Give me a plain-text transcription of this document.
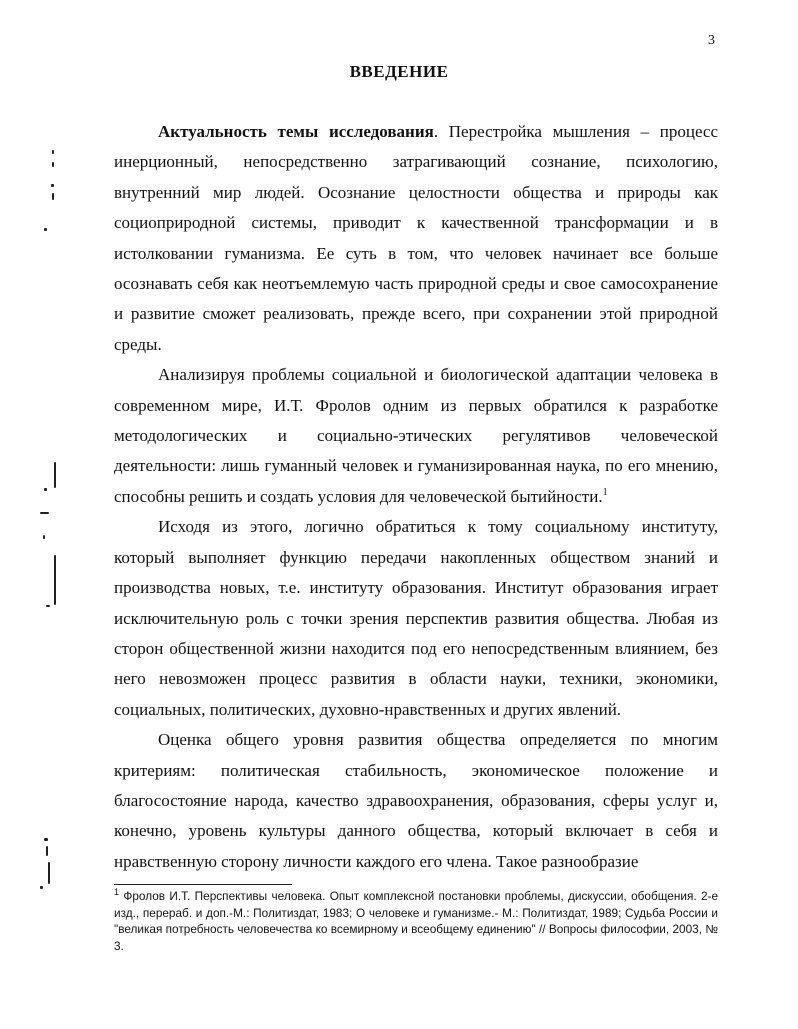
3
ВВЕДЕНИЕ

Актуальность темы исследования. Перестройка мышления – процесс инерционный, непосредственно затрагивающий сознание, психологию, внутренний мир людей. Осознание целостности общества и природы как социоприродной системы, приводит к качественной трансформации и в истолковании гуманизма. Ее суть в том, что человек начинает все больше осознавать себя как неотъемлемую часть природной среды и свое самосохранение и развитие сможет реализовать, прежде всего, при сохранении этой природной среды.

Анализируя проблемы социальной и биологической адаптации человека в современном мире, И.Т. Фролов одним из первых обратился к разработке методологических и социально-этических регулятивов человеческой деятельности: лишь гуманный человек и гуманизированная наука, по его мнению, способны решить и создать условия для человеческой бытийности.$^1$

Исходя из этого, логично обратиться к тому социальному институту, который выполняет функцию передачи накопленных обществом знаний и производства новых, т.е. институту образования. Институт образования играет исключительную роль с точки зрения перспектив развития общества. Любая из сторон общественной жизни находится под его непосредственным влиянием, без него невозможен процесс развития в области науки, техники, экономики, социальных, политических, духовно-нравственных и других явлений.

Оценка общего уровня развития общества определяется по многим критериям: политическая стабильность, экономическое положение и благосостояние народа, качество здравоохранения, образования, сферы услуг и, конечно, уровень культуры данного общества, который включает в себя и нравственную сторону личности каждого его члена. Такое разнообразие

$^1$ Фролов И.Т. Перспективы человека. Опыт комплексной постановки проблемы, дискуссии, обобщения. 2-е изд., перераб. и доп.-М.: Политиздат, 1983; О человеке и гуманизме.- М.: Политиздат, 1989; Судьба России и "великая потребность человечества ко всемирному и всеобщему единению" // Вопросы философии, 2003, № 3.
